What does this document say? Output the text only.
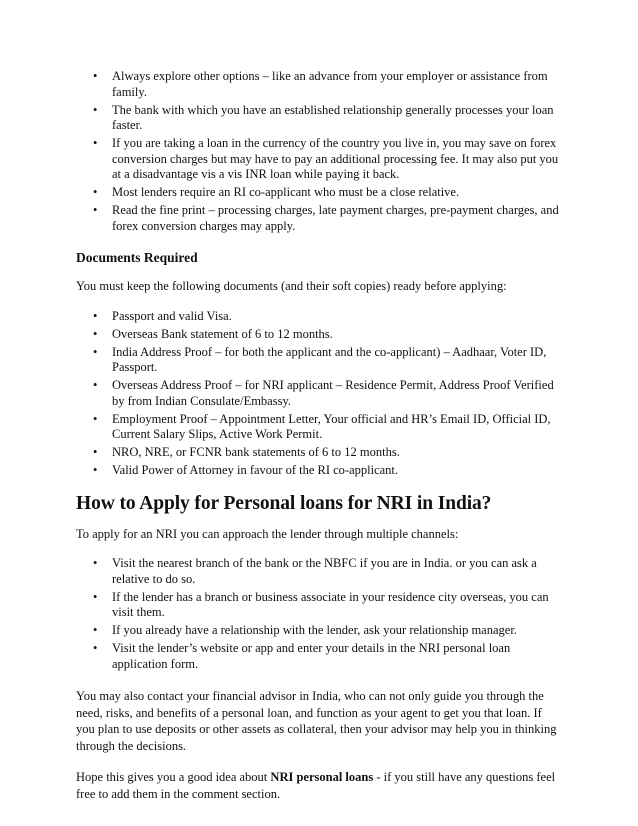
• Always explore other options – like an advance from your employer or assistance from family.
• The bank with which you have an established relationship generally processes your loan faster.
• If you are taking a loan in the currency of the country you live in, you may save on forex conversion charges but may have to pay an additional processing fee. It may also put you at a disadvantage vis a vis INR loan while paying it back.
• Most lenders require an RI co-applicant who must be a close relative.
• Read the fine print – processing charges, late payment charges, pre-payment charges, and forex conversion charges may apply.
Documents Required

You must keep the following documents (and their soft copies) ready before applying:

• Passport and valid Visa.
• Overseas Bank statement of 6 to 12 months.
• India Address Proof – for both the applicant and the co-applicant) – Aadhaar, Voter ID, Passport.
• Overseas Address Proof – for NRI applicant – Residence Permit, Address Proof Verified by from Indian Consulate/Embassy.
• Employment Proof – Appointment Letter, Your official and HR’s Email ID, Official ID, Current Salary Slips, Active Work Permit.
• NRO, NRE, or FCNR bank statements of 6 to 12 months.
• Valid Power of Attorney in favour of the RI co-applicant.
How to Apply for Personal loans for NRI in India?

To apply for an NRI you can approach the lender through multiple channels:

• Visit the nearest branch of the bank or the NBFC if you are in India. or you can ask a relative to do so.
• If the lender has a branch or business associate in your residence city overseas, you can visit them.
• If you already have a relationship with the lender, ask your relationship manager.
• Visit the lender’s website or app and enter your details in the NRI personal loan application form.

You may also contact your financial advisor in India, who can not only guide you through the need, risks, and benefits of a personal loan, and function as your agent to get you that loan. If you plan to use deposits or other assets as collateral, then your advisor may help you in thinking through the decisions.

Hope this gives you a good idea about NRI personal loans - if you still have any questions feel free to add them in the comment section.
